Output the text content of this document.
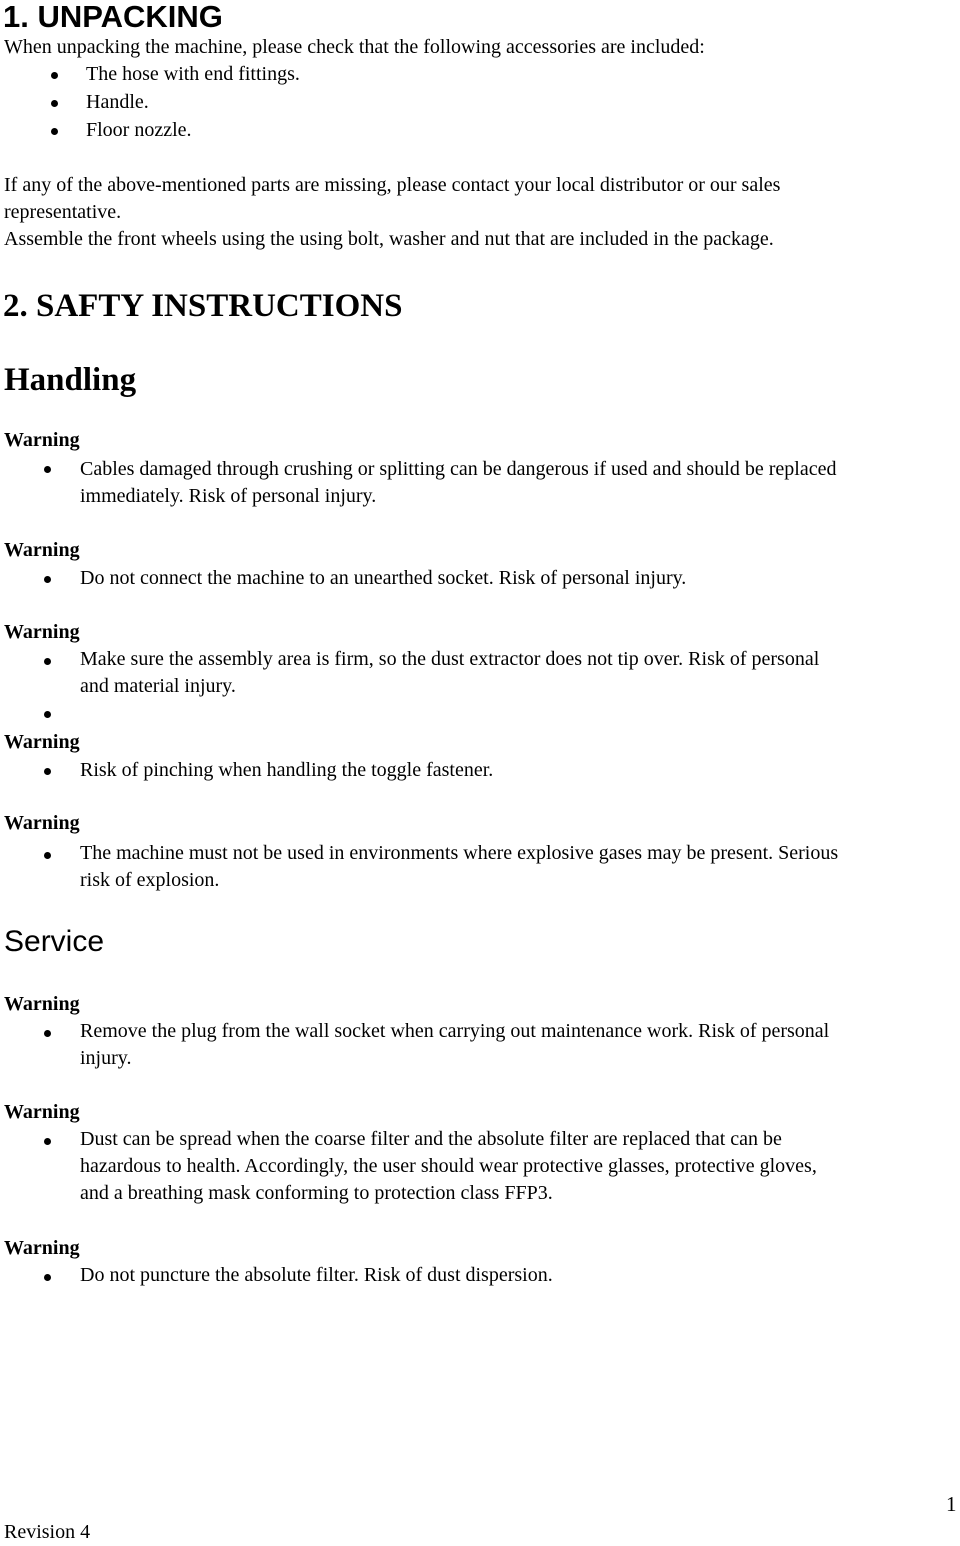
1. UNPACKING
When unpacking the machine, please check that the following accessories are included:
The hose with end fittings.
Handle.
Floor nozzle.
If any of the above-mentioned parts are missing, please contact your local distributor or our sales
representative.
Assemble the front wheels using the using bolt, washer and nut that are included in the package.
2. SAFTY INSTRUCTIONS
Handling
Warning
Cables damaged through crushing or splitting can be dangerous if used and should be replaced
immediately. Risk of personal injury.
Warning
Do not connect the machine to an unearthed socket. Risk of personal injury.
Warning
Make sure the assembly area is firm, so the dust extractor does not tip over. Risk of personal
and material injury.
Warning
Risk of pinching when handling the toggle fastener.
Warning
The machine must not be used in environments where explosive gases may be present. Serious
risk of explosion.
Service
Warning
Remove the plug from the wall socket when carrying out maintenance work. Risk of personal
injury.
Warning
Dust can be spread when the coarse filter and the absolute filter are replaced that can be
hazardous to health. Accordingly, the user should wear protective glasses, protective gloves,
and a breathing mask conforming to protection class FFP3.
Warning
Do not puncture the absolute filter. Risk of dust dispersion.
1
Revision 4
